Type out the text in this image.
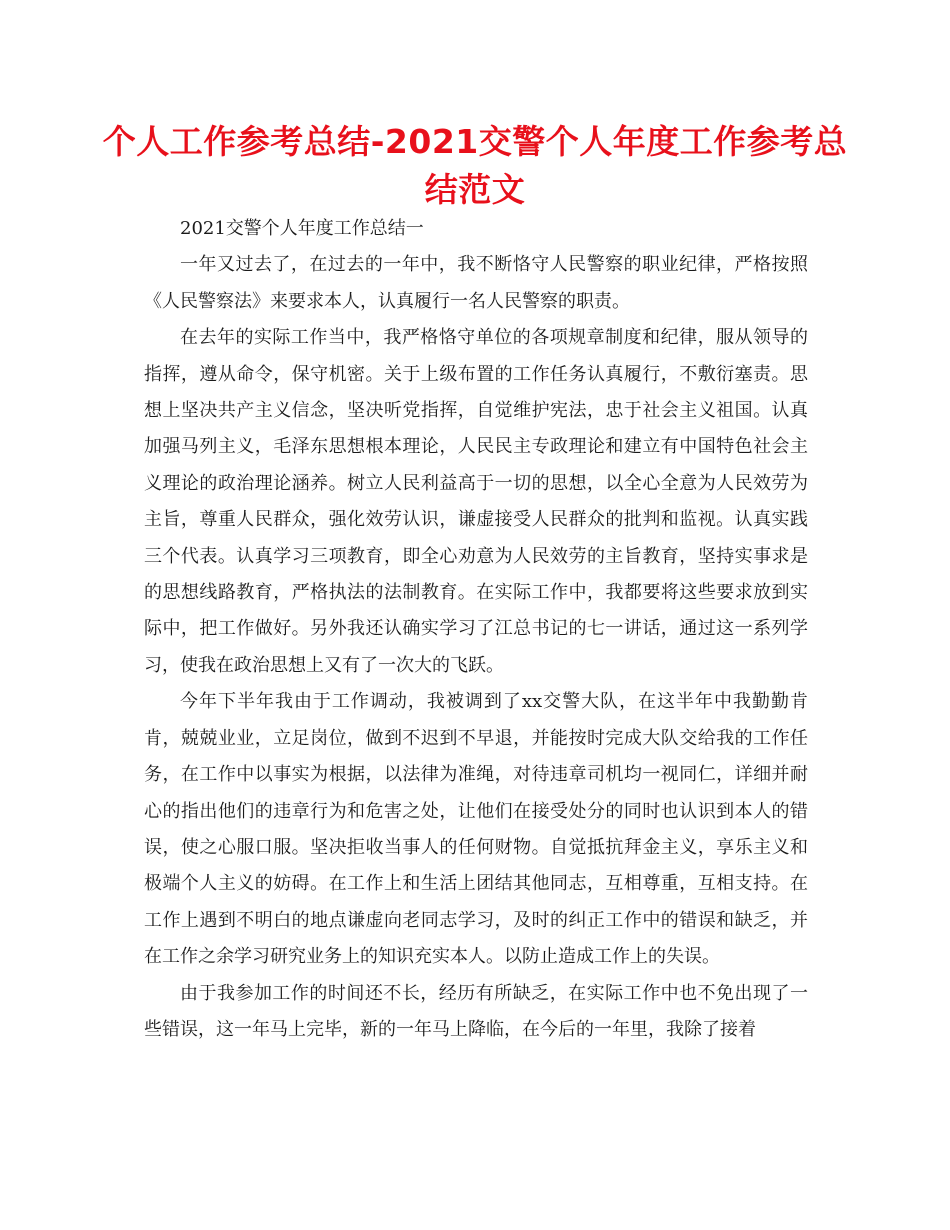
个人工作参考总结-2021交警个人年度工作参考总结范文

2021交警个人年度工作总结一

一年又过去了，在过去的一年中，我不断恪守人民警察的职业纪律，严格按照《人民警察法》来要求本人，认真履行一名人民警察的职责。

在去年的实际工作当中，我严格恪守单位的各项规章制度和纪律，服从领导的指挥，遵从命令，保守机密。关于上级布置的工作任务认真履行，不敷衍塞责。思想上坚决共产主义信念，坚决听党指挥，自觉维护宪法，忠于社会主义祖国。认真加强马列主义，毛泽东思想根本理论，人民民主专政理论和建立有中国特色社会主义理论的政治理论涵养。树立人民利益高于一切的思想，以全心全意为人民效劳为主旨，尊重人民群众，强化效劳认识，谦虚接受人民群众的批判和监视。认真实践三个代表。认真学习三项教育，即全心劝意为人民效劳的主旨教育，坚持实事求是的思想线路教育，严格执法的法制教育。在实际工作中，我都要将这些要求放到实际中，把工作做好。另外我还认确实学习了江总书记的七一讲话，通过这一系列学习，使我在政治思想上又有了一次大的飞跃。

今年下半年我由于工作调动，我被调到了xx交警大队，在这半年中我勤勤肯肯，兢兢业业，立足岗位，做到不迟到不早退，并能按时完成大队交给我的工作任务，在工作中以事实为根据，以法律为准绳，对待违章司机均一视同仁，详细并耐心的指出他们的违章行为和危害之处，让他们在接受处分的同时也认识到本人的错误，使之心服口服。坚决拒收当事人的任何财物。自觉抵抗拜金主义，享乐主义和极端个人主义的妨碍。在工作上和生活上团结其他同志，互相尊重，互相支持。在工作上遇到不明白的地点谦虚向老同志学习，及时的纠正工作中的错误和缺乏，并在工作之余学习研究业务上的知识充实本人。以防止造成工作上的失误。

由于我参加工作的时间还不长，经历有所缺乏，在实际工作中也不免出现了一些错误，这一年马上完毕，新的一年马上降临，在今后的一年里，我除了接着
